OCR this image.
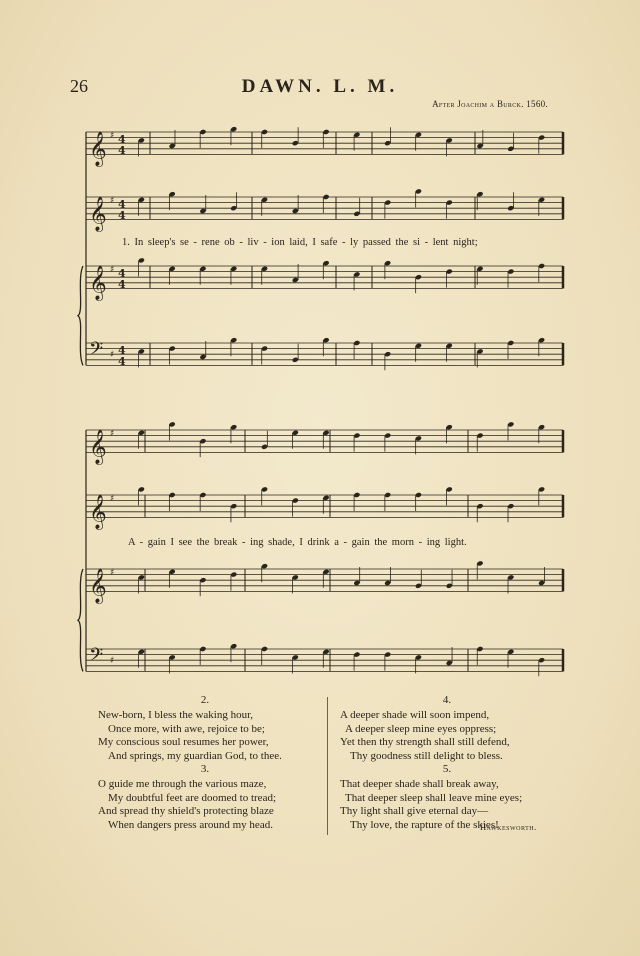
26	DAWN. L. M.
After Joachim a Burck. 1560.
𝄞 ♯
𝄞 ♯
𝄞 ♯
𝄢 ♯
4
4
4
4
4
4
4
4
𝄞 ♯
𝄞 ♯
𝄞 ♯
𝄢 ♯
1. In sleep's se - rene ob - liv - ion laid, I safe - ly passed the si - lent night;
A - gain I see the break - ing shade, I drink a - gain the morn - ing light.
2.
New-born, I bless the waking hour,
Once more, with awe, rejoice to be;
My conscious soul resumes her power,
And springs, my guardian God, to thee.
3.
O guide me through the various maze,
My doubtful feet are doomed to tread;
And spread thy shield's protecting blaze
When dangers press around my head.
4.
A deeper shade will soon impend,
A deeper sleep mine eyes oppress;
Yet then thy strength shall still defend,
Thy goodness still delight to bless.
5.
That deeper shade shall break away,
That deeper sleep shall leave mine eyes;
Thy light shall give eternal day—
Thy love, the rapture of the skies!
Hawkesworth.
